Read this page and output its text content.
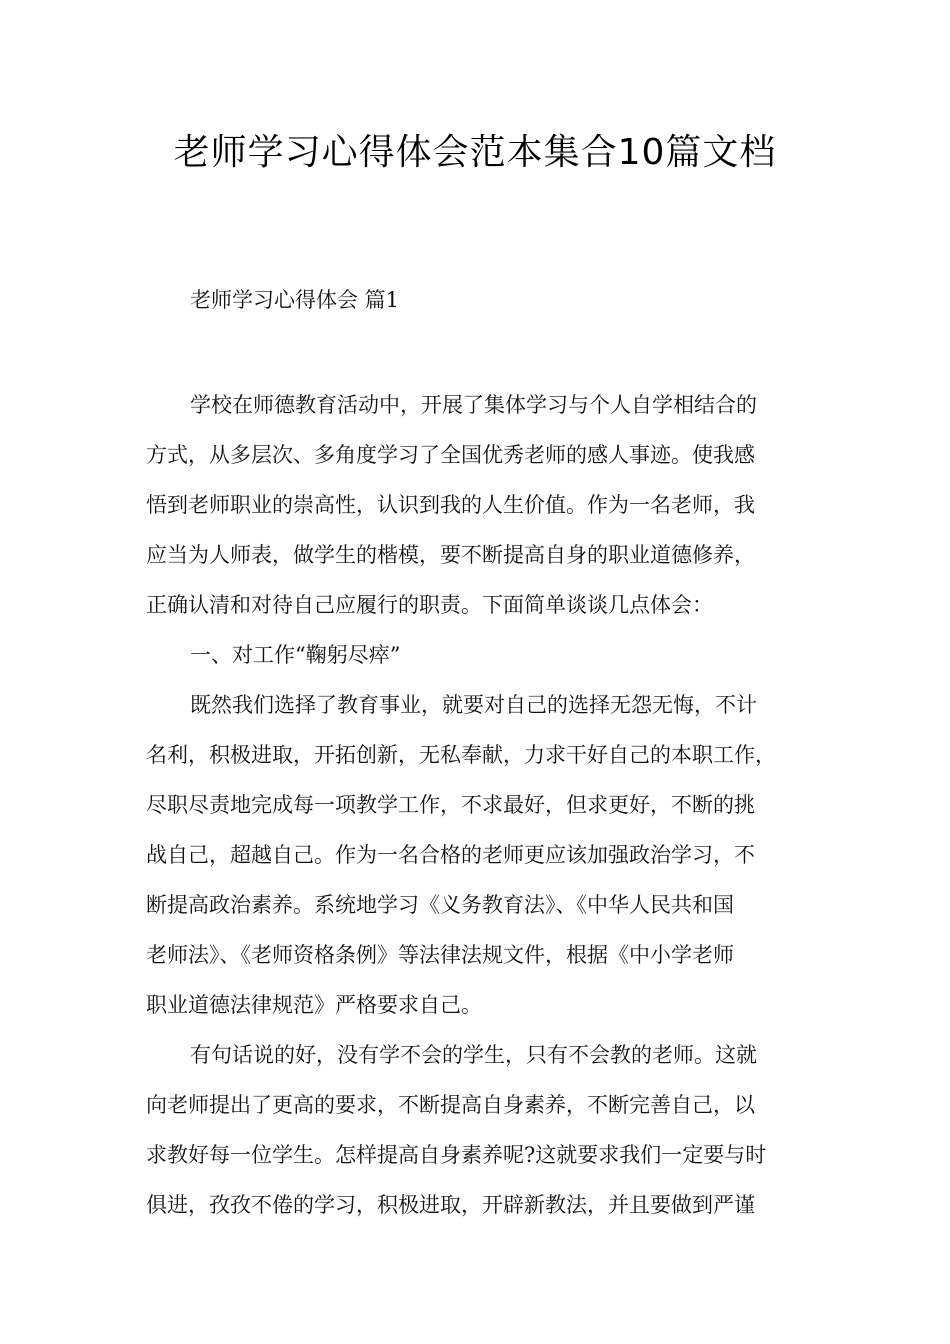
老师学习心得体会范本集合10篇文档
老师学习心得体会 篇1

学校在师德教育活动中，开展了集体学习与个人自学相结合的

方式，从多层次、多角度学习了全国优秀老师的感人事迹。使我感

悟到老师职业的崇高性，认识到我的人生价值。作为一名老师，我

应当为人师表，做学生的楷模，要不断提高自身的职业道德修养，

正确认清和对待自己应履行的职责。下面简单谈谈几点体会：

一、对工作“鞠躬尽瘁”

既然我们选择了教育事业，就要对自己的选择无怨无悔，不计

名利，积极进取，开拓创新，无私奉献，力求干好自己的本职工作，

尽职尽责地完成每一项教学工作，不求最好，但求更好，不断的挑

战自己，超越自己。作为一名合格的老师更应该加强政治学习，不

断提高政治素养。系统地学习《义务教育法》、《中华人民共和国

老师法》、《老师资格条例》等法律法规文件，根据《中小学老师

职业道德法律规范》严格要求自己。

有句话说的好，没有学不会的学生，只有不会教的老师。这就

向老师提出了更高的要求，不断提高自身素养，不断完善自己，以

求教好每一位学生。怎样提高自身素养呢?这就要求我们一定要与时

俱进，孜孜不倦的学习，积极进取，开辟新教法，并且要做到严谨
